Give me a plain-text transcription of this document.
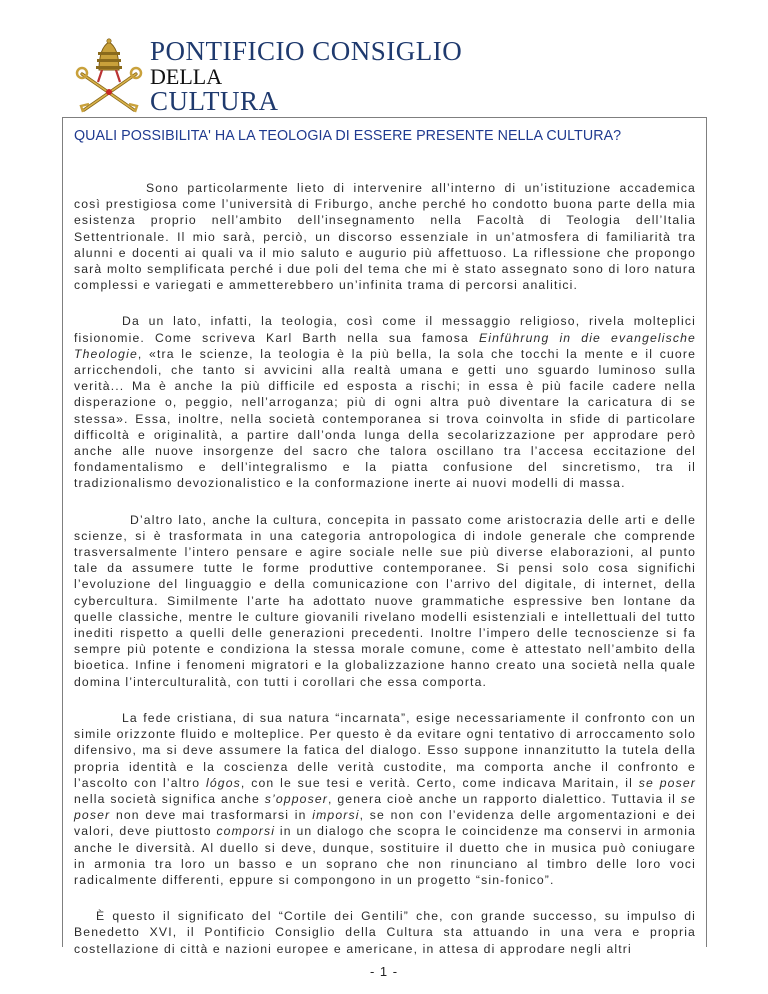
PONTIFICIO CONSIGLIO
DELLA
CULTURA
QUALI POSSIBILITA' HA LA TEOLOGIA DI ESSERE PRESENTE NELLA CULTURA?

Sono particolarmente lieto di intervenire all’interno di un’istituzione accademica così prestigiosa come l’università di Friburgo, anche perché ho condotto buona parte della mia esistenza proprio nell’ambito dell’insegnamento nella Facoltà di Teologia dell’Italia Settentrionale. Il mio sarà, perciò, un discorso essenziale in un’atmosfera di familiarità tra alunni e docenti ai quali va il mio saluto e augurio più affettuoso. La riflessione che propongo sarà molto semplificata perché i due poli del tema che mi è stato assegnato sono di loro natura complessi e variegati e ammetterebbero un’infinita trama di percorsi analitici.

Da un lato, infatti, la teologia, così come il messaggio religioso, rivela molteplici fisionomie. Come scriveva Karl Barth nella sua famosa Einführung in die evangelische Theologie, «tra le scienze, la teologia è la più bella, la sola che tocchi la mente e il cuore arricchendoli, che tanto si avvicini alla realtà umana e getti uno sguardo luminoso sulla verità... Ma è anche la più difficile ed esposta a rischi; in essa è più facile cadere nella disperazione o, peggio, nell’arroganza; più di ogni altra può diventare la caricatura di se stessa». Essa, inoltre, nella società contemporanea si trova coinvolta in sfide di particolare difficoltà e originalità, a partire dall’onda lunga della secolarizzazione per approdare però anche alle nuove insorgenze del sacro che talora oscillano tra l’accesa eccitazione del fondamentalismo e dell’integralismo e la piatta confusione del sincretismo, tra il tradizionalismo devozionalistico e la conformazione inerte ai nuovi modelli di massa.

D’altro lato, anche la cultura, concepita in passato come aristocrazia delle arti e delle scienze, si è trasformata in una categoria antropologica di indole generale che comprende trasversalmente l’intero pensare e agire sociale nelle sue più diverse elaborazioni, al punto tale da assumere tutte le forme produttive contemporanee. Si pensi solo cosa significhi l’evoluzione del linguaggio e della comunicazione con l’arrivo del digitale, di internet, della cybercultura. Similmente l’arte ha adottato nuove grammatiche espressive ben lontane da quelle classiche, mentre le culture giovanili rivelano modelli esistenziali e intellettuali del tutto inediti rispetto a quelli delle generazioni precedenti. Inoltre l’impero delle tecnoscienze si fa sempre più potente e condiziona la stessa morale comune, come è attestato nell’ambito della bioetica. Infine i fenomeni migratori e la globalizzazione hanno creato una società nella quale domina l’interculturalità, con tutti i corollari che essa comporta.

La fede cristiana, di sua natura “incarnata”, esige necessariamente il confronto con un simile orizzonte fluido e molteplice. Per questo è da evitare ogni tentativo di arroccamento solo difensivo, ma si deve assumere la fatica del dialogo. Esso suppone innanzitutto la tutela della propria identità e la coscienza delle verità custodite, ma comporta anche il confronto e l’ascolto con l’altro lógos, con le sue tesi e verità. Certo, come indicava Maritain, il se poser nella società significa anche s’opposer, genera cioè anche un rapporto dialettico. Tuttavia il se poser non deve mai trasformarsi in imporsi, se non con l’evidenza delle argomentazioni e dei valori, deve piuttosto comporsi in un dialogo che scopra le coincidenze ma conservi in armonia anche le diversità. Al duello si deve, dunque, sostituire il duetto che in musica può coniugare in armonia tra loro un basso e un soprano che non rinunciano al timbro delle loro voci radicalmente differenti, eppure si compongono in un progetto “sin-fonico”.

È questo il significato del “Cortile dei Gentili” che, con grande successo, su impulso di Benedetto XVI, il Pontificio Consiglio della Cultura sta attuando in una vera e propria costellazione di città e nazioni europee e americane, in attesa di approdare negli altri

- 1 -
